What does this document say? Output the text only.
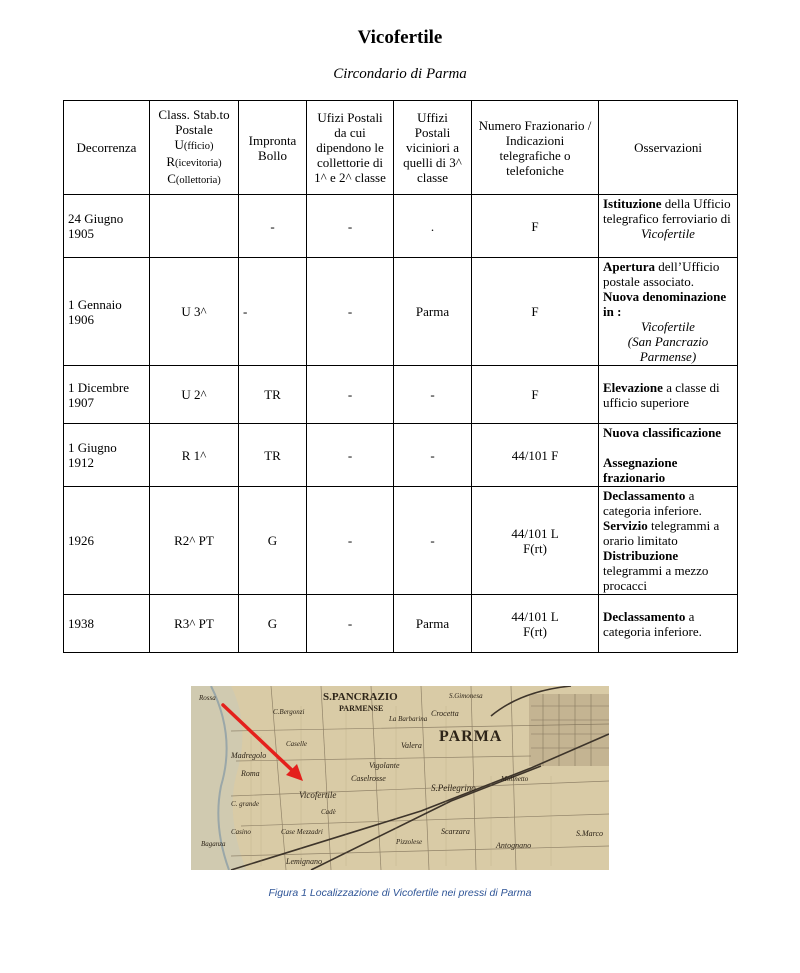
Vicofertile
Circondario di Parma
Decorrenza	Class. Stab.to Postale
U(fficio)
R(icevitoria)
C(ollettoria)	Impronta Bollo	Ufizi Postali da cui dipendono le collettorie di 1^ e 2^ classe	Uffizi Postali viciniori a quelli di 3^ classe	Numero Frazionario / Indicazioni telegrafiche o telefoniche	Osservazioni
24 Giugno 1905		-	-	.	F	Istituzione della Ufficio telegrafico ferroviario di
Vicofertile

1 Gennaio 1906	U 3^	-	-	Parma	F	Apertura dell’Ufficio postale associato.
Nuova denominazione in :
Vicofertile
(San Pancrazio Parmense)

1 Dicembre 1907	U 2^	TR	-	-	F	Elevazione a classe di ufficio superiore
1 Giugno 1912	R 1^	TR	-	-	44/101 F	Nuova classificazione

Assegnazione frazionario
1926	R2^ PT	G	-	-	44/101 L F(rt)	Declassamento a categoria inferiore.
Servizio telegrammi a orario limitato
Distribuzione telegrammi a mezzo procacci
1938	R3^ PT	G	-	Parma	44/101 L F(rt)	Declassamento a categoria inferiore.
S.PANCRAZIO
PARMENSE
PARMA
Vicofertile
Madregolo
Roma
Caselle
Cadè
Valera
Crocetta
Vigolante
Caselrosse
S.Pellegrino
Scarzara
Antognano
Pizzolese
Lemignano
C. grande
Casino
Baganza
La Barbarina
S.Gimonesa
Molinetto
Case Mezzadri
Rossa
C.Bergonzi
S.Marco
Figura 1 Localizzazione di Vicofertile nei pressi di Parma
